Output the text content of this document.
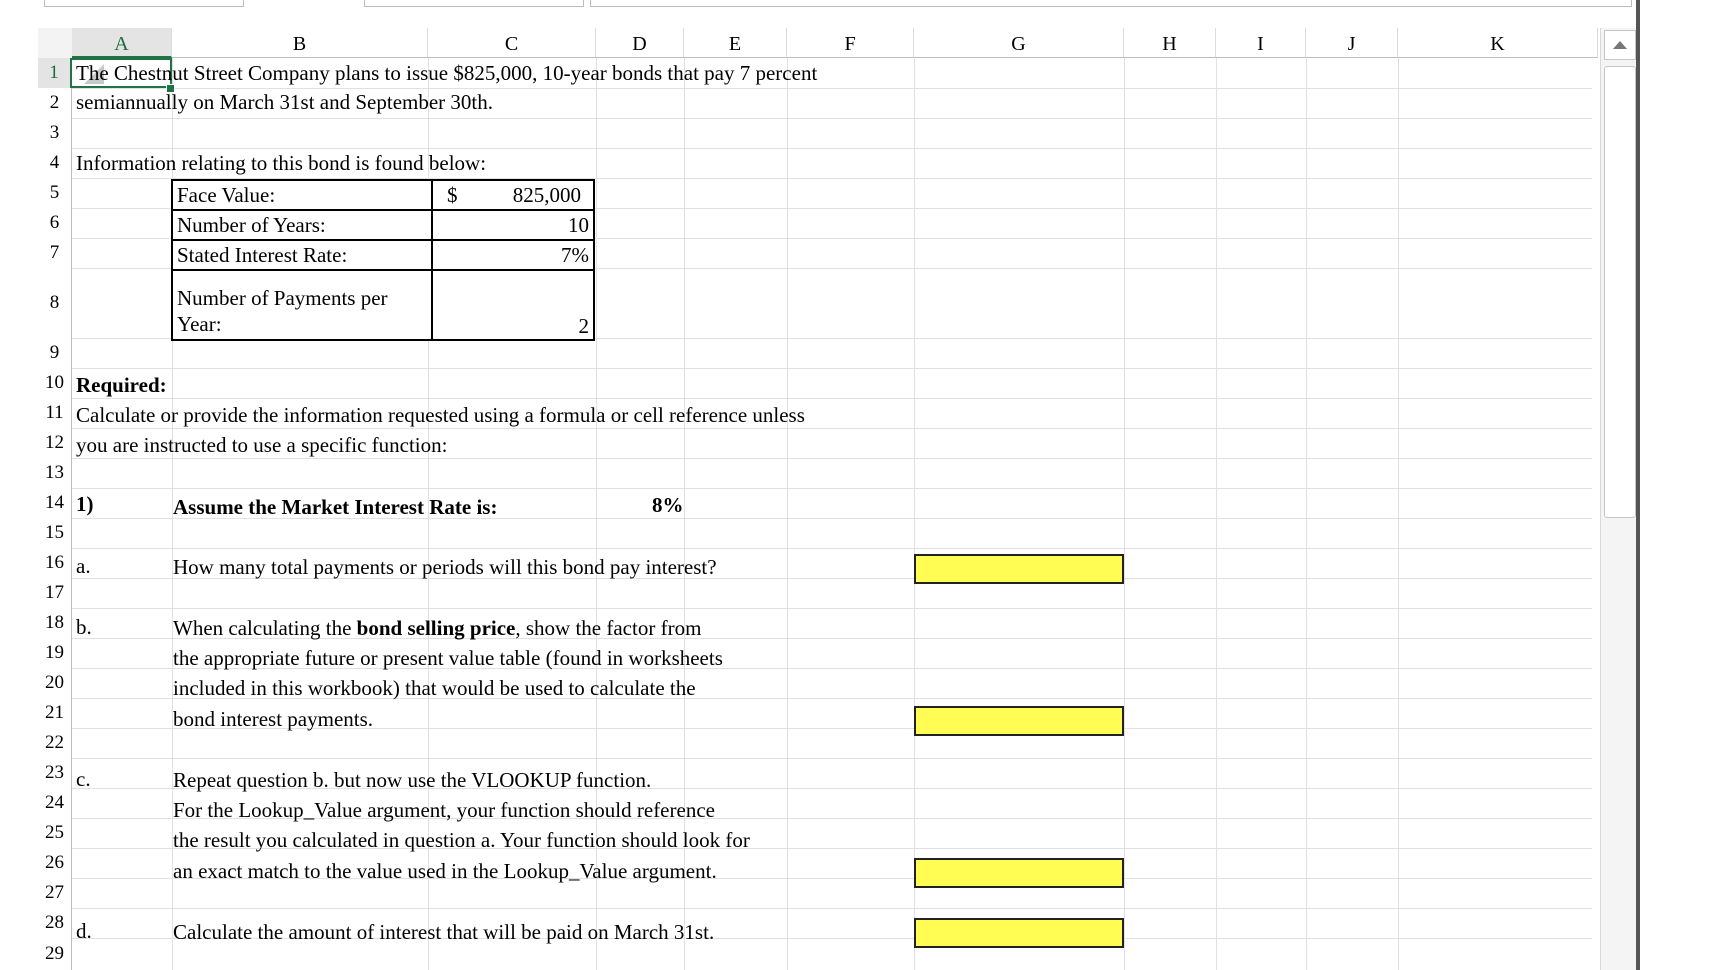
A	B	C	D	E	F	G	H	I	J	K
1
2
3
4
5
6
7
8
9
10
11
12
13
14
15
16
17
18
19
20
21
22
23
24
25
26
27
28
29
The Chestnut Street Company plans to issue $825,000, 10-year bonds that pay 7 percent
semiannually on March 31st and September 30th.
Information relating to this bond is found below:
Face Value:	$ 825,000

Number of Years:	10
Stated Interest Rate:	7%

Number of Payments per
Year:	2
Required:
Calculate or provide the information requested using a formula or cell reference unless
you are instructed to use a specific function:
1)	Assume the Market Interest Rate is:	8%
a.	How many total payments or periods will this bond pay interest?
b.	When calculating the bond selling price, show the factor from
the appropriate future or present value table (found in worksheets
included in this workbook) that would be used to calculate the
bond interest payments.
c.	Repeat question b. but now use the VLOOKUP function.
For the Lookup_Value argument, your function should reference
the result you calculated in question a. Your function should look for
an exact match to the value used in the Lookup_Value argument.
d.	Calculate the amount of interest that will be paid on March 31st.
